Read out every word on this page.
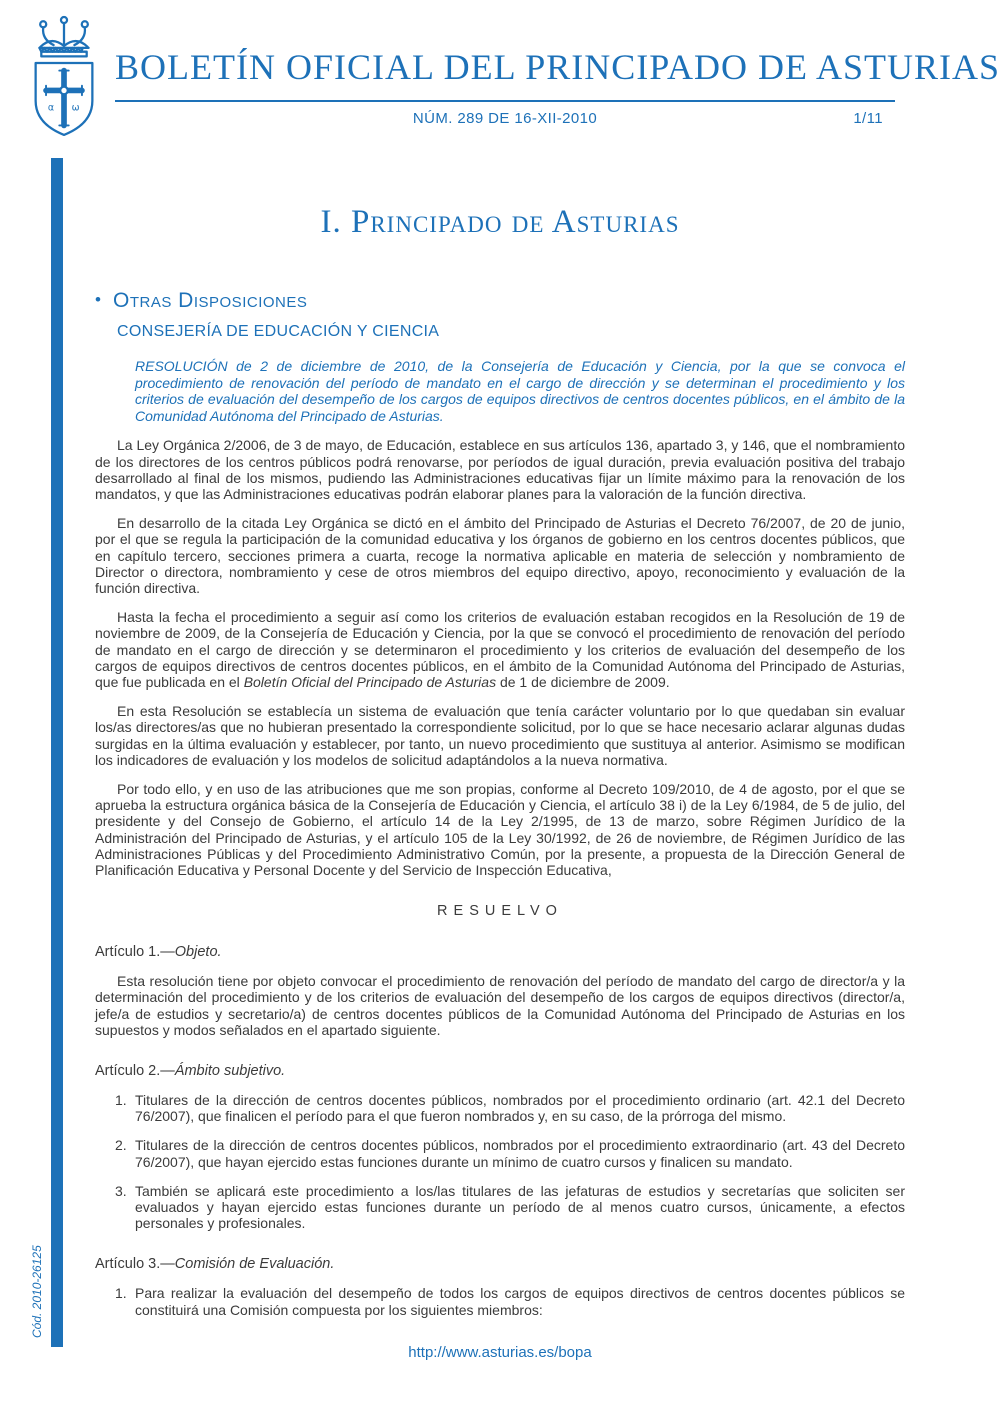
α ω
BOLETÍN OFICIAL DEL PRINCIPADO DE ASTURIAS
NÚM. 289 DE 16-XII-2010	1/11
Cód. 2010-26125
I. Principado de Asturias
• Otras Disposiciones
CONSEJERÍA DE EDUCACIÓN Y CIENCIA
RESOLUCIÓN de 2 de diciembre de 2010, de la Consejería de Educación y Ciencia, por la que se convoca el procedimiento de renovación del período de mandato en el cargo de dirección y se determinan el procedimiento y los criterios de evaluación del desempeño de los cargos de equipos directivos de centros docentes públicos, en el ámbito de la Comunidad Autónoma del Principado de Asturias.

La Ley Orgánica 2/2006, de 3 de mayo, de Educación, establece en sus artículos 136, apartado 3, y 146, que el nombramiento de los directores de los centros públicos podrá renovarse, por períodos de igual duración, previa evaluación positiva del trabajo desarrollado al final de los mismos, pudiendo las Administraciones educativas fijar un límite máximo para la renovación de los mandatos, y que las Administraciones educativas podrán elaborar planes para la valoración de la función directiva.

En desarrollo de la citada Ley Orgánica se dictó en el ámbito del Principado de Asturias el Decreto 76/2007, de 20 de junio, por el que se regula la participación de la comunidad educativa y los órganos de gobierno en los centros docentes públicos, que en capítulo tercero, secciones primera a cuarta, recoge la normativa aplicable en materia de selección y nombramiento de Director o directora, nombramiento y cese de otros miembros del equipo directivo, apoyo, reconocimiento y evaluación de la función directiva.

Hasta la fecha el procedimiento a seguir así como los criterios de evaluación estaban recogidos en la Resolución de 19 de noviembre de 2009, de la Consejería de Educación y Ciencia, por la que se convocó el procedimiento de renovación del período de mandato en el cargo de dirección y se determinaron el procedimiento y los criterios de evaluación del desempeño de los cargos de equipos directivos de centros docentes públicos, en el ámbito de la Comunidad Autónoma del Principado de Asturias, que fue publicada en el Boletín Oficial del Principado de Asturias de 1 de diciembre de 2009.

En esta Resolución se establecía un sistema de evaluación que tenía carácter voluntario por lo que quedaban sin evaluar los/as directores/as que no hubieran presentado la correspondiente solicitud, por lo que se hace necesario aclarar algunas dudas surgidas en la última evaluación y establecer, por tanto, un nuevo procedimiento que sustituya al anterior. Asimismo se modifican los indicadores de evaluación y los modelos de solicitud adaptándolos a la nueva normativa.

Por todo ello, y en uso de las atribuciones que me son propias, conforme al Decreto 109/2010, de 4 de agosto, por el que se aprueba la estructura orgánica básica de la Consejería de Educación y Ciencia, el artículo 38 i) de la Ley 6/1984, de 5 de julio, del presidente y del Consejo de Gobierno, el artículo 14 de la Ley 2/1995, de 13 de marzo, sobre Régimen Jurídico de la Administración del Principado de Asturias, y el artículo 105 de la Ley 30/1992, de 26 de noviembre, de Régimen Jurídico de las Administraciones Públicas y del Procedimiento Administrativo Común, por la presente, a propuesta de la Dirección General de Planificación Educativa y Personal Docente y del Servicio de Inspección Educativa,

RESUELVO
Artículo 1.—Objeto.

Esta resolución tiene por objeto convocar el procedimiento de renovación del período de mandato del cargo de director/a y la determinación del procedimiento y de los criterios de evaluación del desempeño de los cargos de equipos directivos (director/a, jefe/a de estudios y secretario/a) de centros docentes públicos de la Comunidad Autónoma del Principado de Asturias en los supuestos y modos señalados en el apartado siguiente.

Artículo 2.—Ámbito subjetivo.
1. Titulares de la dirección de centros docentes públicos, nombrados por el procedimiento ordinario (art. 42.1 del Decreto 76/2007), que finalicen el período para el que fueron nombrados y, en su caso, de la prórroga del mismo.
2. Titulares de la dirección de centros docentes públicos, nombrados por el procedimiento extraordinario (art. 43 del Decreto 76/2007), que hayan ejercido estas funciones durante un mínimo de cuatro cursos y finalicen su mandato.
3. También se aplicará este procedimiento a los/las titulares de las jefaturas de estudios y secretarías que soliciten ser evaluados y hayan ejercido estas funciones durante un período de al menos cuatro cursos, únicamente, a efectos personales y profesionales.
Artículo 3.—Comisión de Evaluación.
1. Para realizar la evaluación del desempeño de todos los cargos de equipos directivos de centros docentes públicos se constituirá una Comisión compuesta por los siguientes miembros:
http://www.asturias.es/bopa
